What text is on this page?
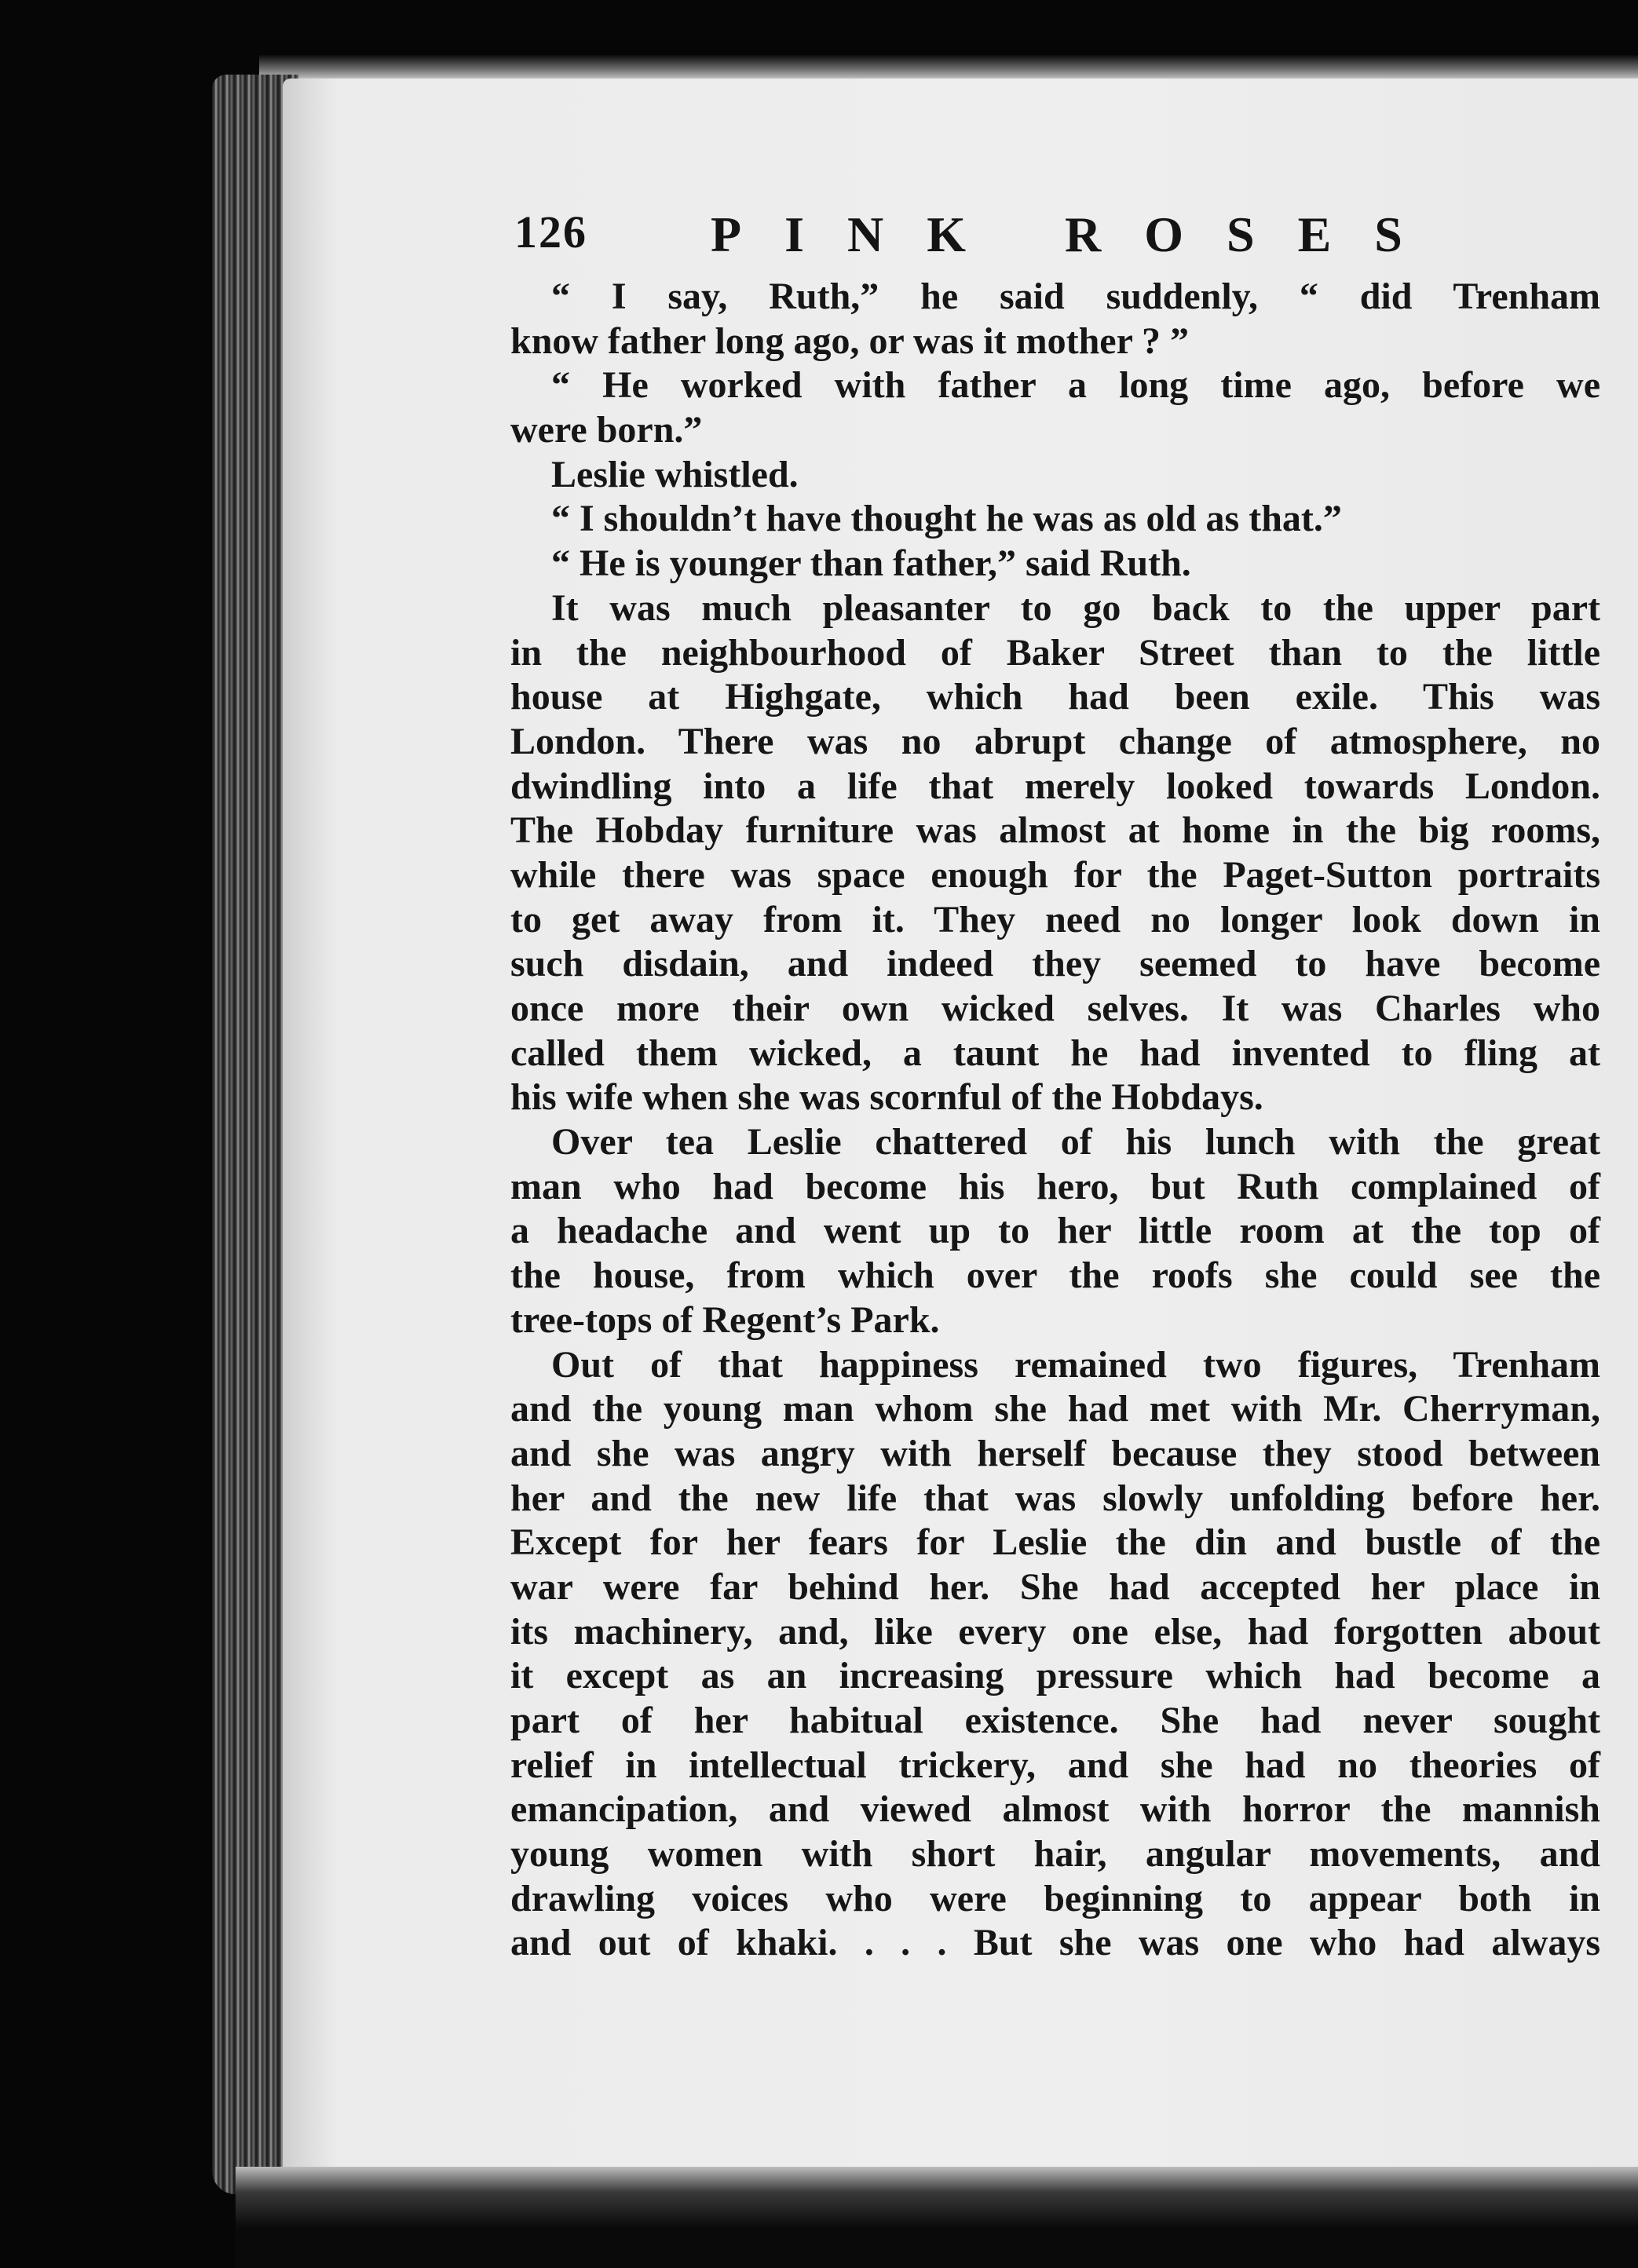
126 PINK ROSES
“ I say, Ruth,” he said suddenly, “ did Trenham
know father long ago, or was it mother ? ”
“ He worked with father a long time ago, before we
were born.”
Leslie whistled.
“ I shouldn’t have thought he was as old as that.”
“ He is younger than father,” said Ruth.
It was much pleasanter to go back to the upper part
in the neighbourhood of Baker Street than to the little
house at Highgate, which had been exile. This was
London. There was no abrupt change of atmosphere, no
dwindling into a life that merely looked towards London.
The Hobday furniture was almost at home in the big rooms,
while there was space enough for the Paget-Sutton portraits
to get away from it. They need no longer look down in
such disdain, and indeed they seemed to have become
once more their own wicked selves. It was Charles who
called them wicked, a taunt he had invented to fling at
his wife when she was scornful of the Hobdays.
Over tea Leslie chattered of his lunch with the great
man who had become his hero, but Ruth complained of
a headache and went up to her little room at the top of
the house, from which over the roofs she could see the
tree-tops of Regent’s Park.
Out of that happiness remained two figures, Trenham
and the young man whom she had met with Mr. Cherryman,
and she was angry with herself because they stood between
her and the new life that was slowly unfolding before her.
Except for her fears for Leslie the din and bustle of the
war were far behind her. She had accepted her place in
its machinery, and, like every one else, had forgotten about
it except as an increasing pressure which had become a
part of her habitual existence. She had never sought
relief in intellectual trickery, and she had no theories of
emancipation, and viewed almost with horror the mannish
young women with short hair, angular movements, and
drawling voices who were beginning to appear both in
and out of khaki. . . . But she was one who had always
